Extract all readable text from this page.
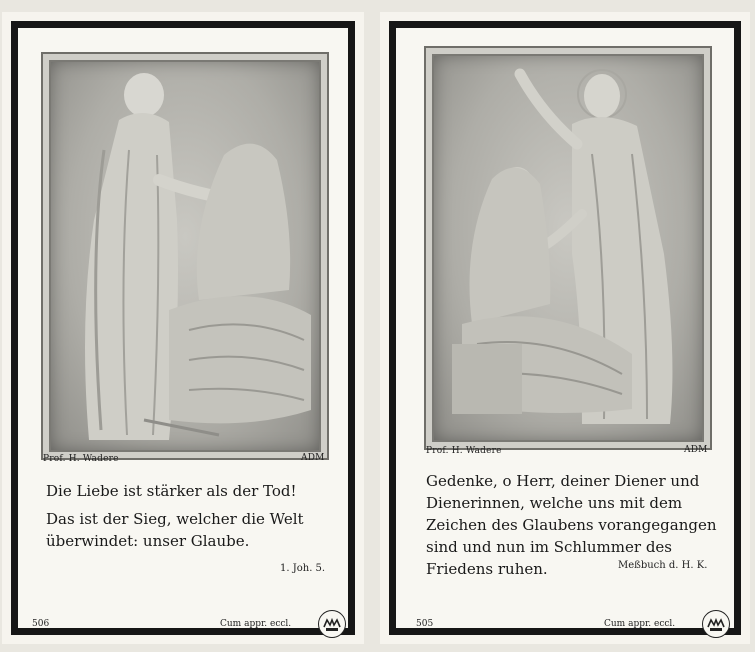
Prof. H. Wadere	ADM
Die Liebe ist stärker als der Tod!
Das ist der Sieg, welcher die Welt
überwindet: unser Glaube.
1. Joh. 5.
506	Cum appr. eccl.
Prof. H. Wadere	ADM
Gedenke, o Herr, deiner Diener und
Dienerinnen, welche uns mit dem
Zeichen des Glaubens vorangegangen
sind und nun im Schlummer des
Friedens ruhen.	Meßbuch d. H. K.
505	Cum appr. eccl.
